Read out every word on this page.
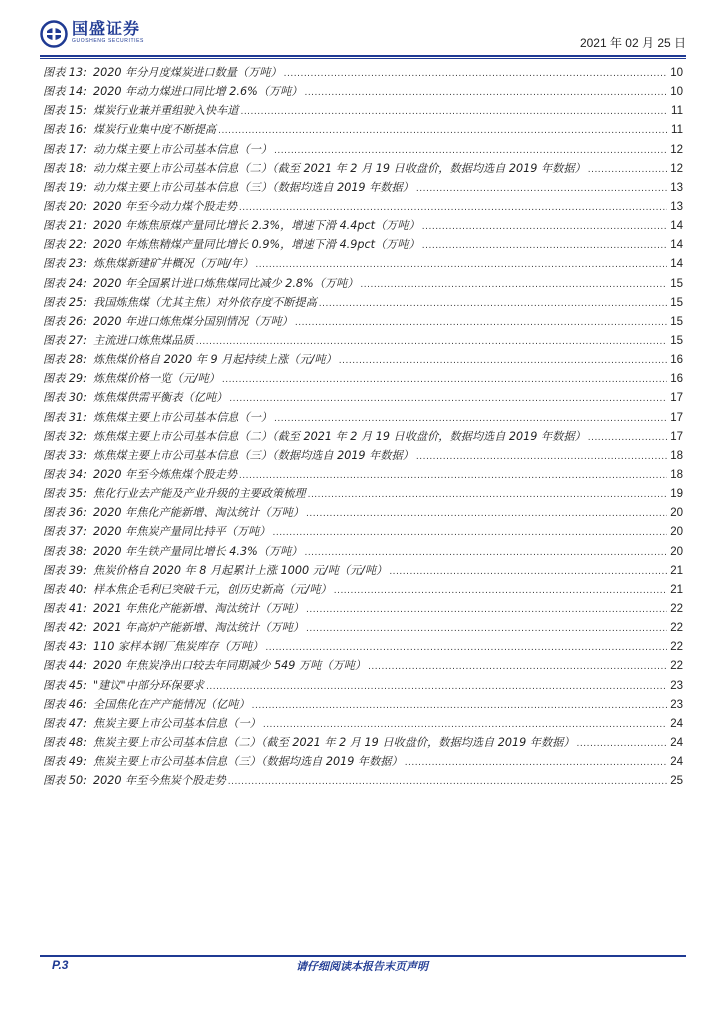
国盛证券
GUOSHENG SECURITIES	2021 年 02 月 25 日
图表 13: 2020 年分月度煤炭进口数量（万吨） .....	10
图表 14: 2020 年动力煤进口同比增 2.6%（万吨） .....	10
图表 15: 煤炭行业兼并重组驶入快车道 .....	11
图表 16: 煤炭行业集中度不断提高 .....	11
图表 17: 动力煤主要上市公司基本信息（一） .....	12
图表 18: 动力煤主要上市公司基本信息（二）（截至 2021 年 2 月 19 日收盘价，数据均选自 2019 年数据） .....	12
图表 19: 动力煤主要上市公司基本信息（三）（数据均选自 2019 年数据） .....	13
图表 20: 2020 年至今动力煤个股走势 .....	13
图表 21: 2020 年炼焦原煤产量同比增长 2.3%，增速下滑 4.4pct（万吨） .....	14
图表 22: 2020 年炼焦精煤产量同比增长 0.9%，增速下滑 4.9pct（万吨） .....	14
图表 23: 炼焦煤新建矿井概况（万吨/年） .....	14
图表 24: 2020 年全国累计进口炼焦煤同比减少 2.8%（万吨） .....	15
图表 25: 我国炼焦煤（尤其主焦）对外依存度不断提高 .....	15
图表 26: 2020 年进口炼焦煤分国别情况（万吨） .....	15
图表 27: 主流进口炼焦煤品质 .....	15
图表 28: 炼焦煤价格自 2020 年 9 月起持续上涨（元/吨） .....	16
图表 29: 炼焦煤价格一览（元/吨） .....	16
图表 30: 炼焦煤供需平衡表（亿吨） .....	17
图表 31: 炼焦煤主要上市公司基本信息（一） .....	17
图表 32: 炼焦煤主要上市公司基本信息（二）（截至 2021 年 2 月 19 日收盘价，数据均选自 2019 年数据） .....	17
图表 33: 炼焦煤主要上市公司基本信息（三）（数据均选自 2019 年数据） .....	18
图表 34: 2020 年至今炼焦煤个股走势 .....	18
图表 35: 焦化行业去产能及产业升级的主要政策梳理 .....	19
图表 36: 2020 年焦化产能新增、淘汰统计（万吨） .....	20
图表 37: 2020 年焦炭产量同比持平（万吨） .....	20
图表 38: 2020 年生铁产量同比增长 4.3%（万吨） .....	20
图表 39: 焦炭价格自 2020 年 8 月起累计上涨 1000 元/吨（元/吨） .....	21
图表 40: 样本焦企毛利已突破千元，创历史新高（元/吨） .....	21
图表 41: 2021 年焦化产能新增、淘汰统计（万吨） .....	22
图表 42: 2021 年高炉产能新增、淘汰统计（万吨） .....	22
图表 43: 110 家样本钢厂焦炭库存（万吨） .....	22
图表 44: 2020 年焦炭净出口较去年同期减少 549 万吨（万吨） .....	22
图表 45: "建议"中部分环保要求 .....	23
图表 46: 全国焦化在产产能情况（亿吨） .....	23
图表 47: 焦炭主要上市公司基本信息（一） .....	24
图表 48: 焦炭主要上市公司基本信息（二）（截至 2021 年 2 月 19 日收盘价，数据均选自 2019 年数据） .....	24
图表 49: 焦炭主要上市公司基本信息（三）（数据均选自 2019 年数据） .....	24
图表 50: 2020 年至今焦炭个股走势 .....	25
P.3	请仔细阅读本报告末页声明
